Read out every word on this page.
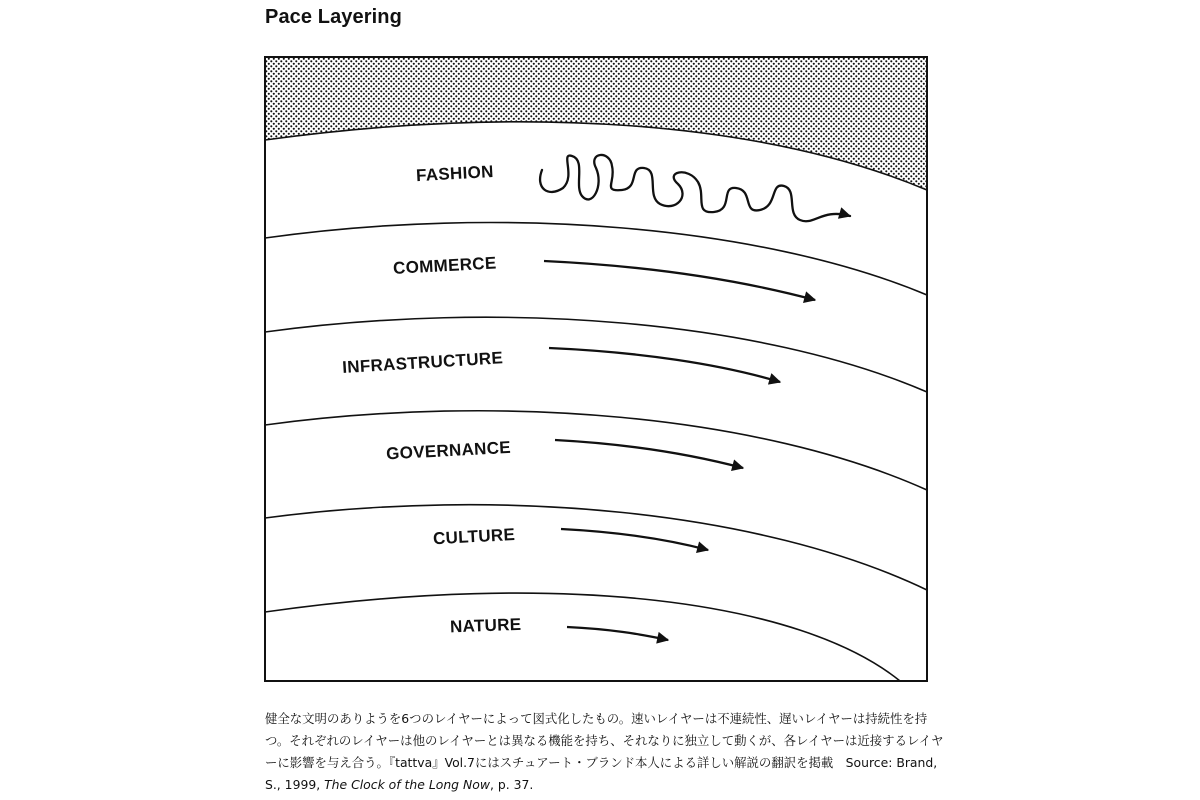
Pace Layering
FASHION
COMMERCE
INFRASTRUCTURE
GOVERNANCE
CULTURE
NATURE

健全な文明のありようを6つのレイヤーによって図式化したもの。速いレイヤーは不連続性、遅いレイヤーは持続性を持つ。それぞれのレイヤーは他のレイヤーとは異なる機能を持ち、それなりに独立して動くが、各レイヤーは近接するレイヤーに影響を与え合う。『tattva』Vol.7にはスチュアート・ブランド本人による詳しい解説の翻訳を掲載　 Source: Brand, S., 1999, The Clock of the Long Now, p. 37.
